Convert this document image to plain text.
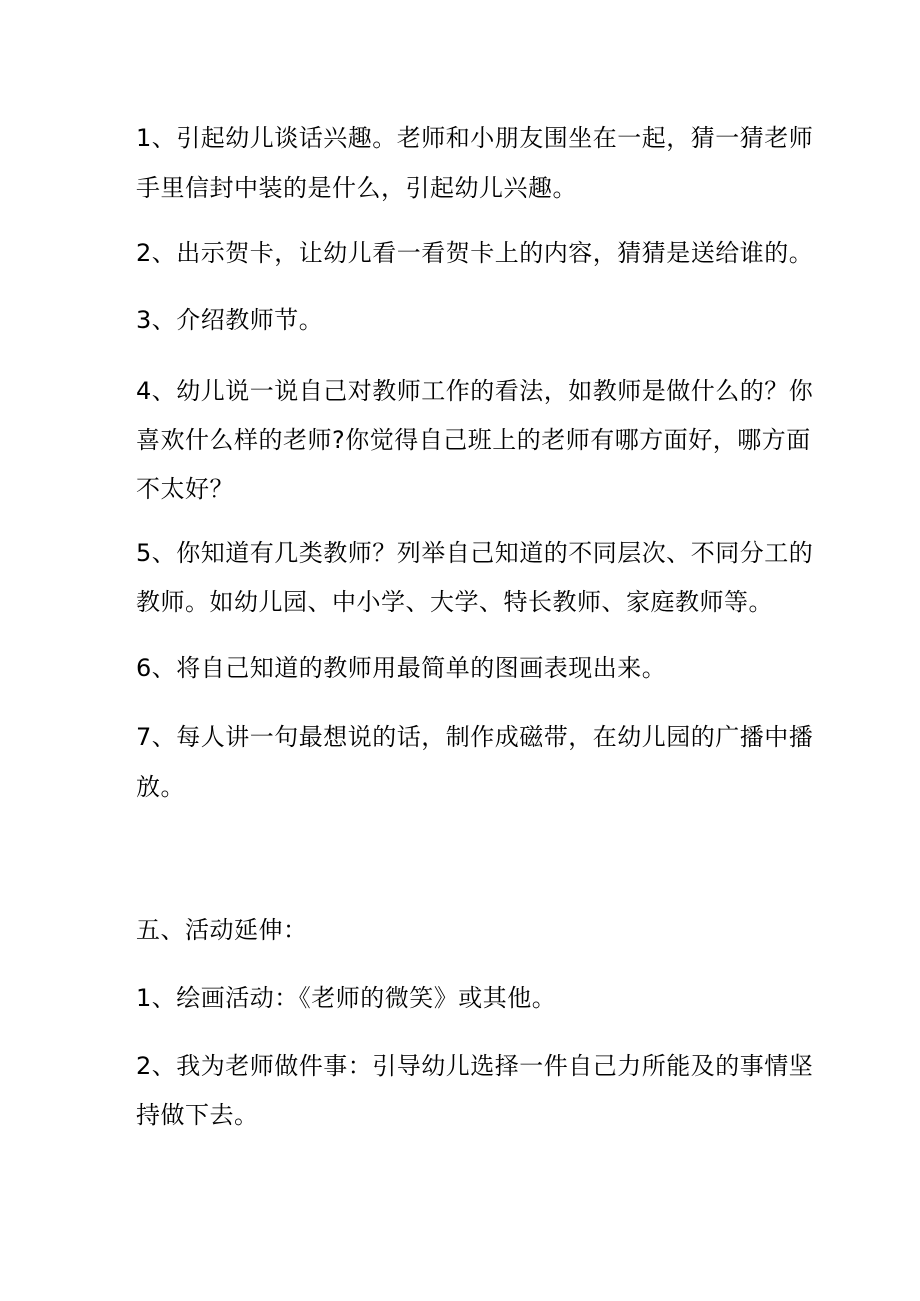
1、引起幼儿谈话兴趣。老师和小朋友围坐在一起，猜一猜老师
手里信封中装的是什么，引起幼儿兴趣。
2、出示贺卡，让幼儿看一看贺卡上的内容，猜猜是送给谁的。
3、介绍教师节。
4、幼儿说一说自己对教师工作的看法，如教师是做什么的？你
喜欢什么样的老师?你觉得自己班上的老师有哪方面好，哪方面
不太好？
5、你知道有几类教师？列举自己知道的不同层次、不同分工的
教师。如幼儿园、中小学、大学、特长教师、家庭教师等。
6、将自己知道的教师用最简单的图画表现出来。
7、每人讲一句最想说的话，制作成磁带，在幼儿园的广播中播
放。
五、活动延伸：
1、绘画活动：《老师的微笑》或其他。
2、我为老师做件事：引导幼儿选择一件自己力所能及的事情坚
持做下去。
